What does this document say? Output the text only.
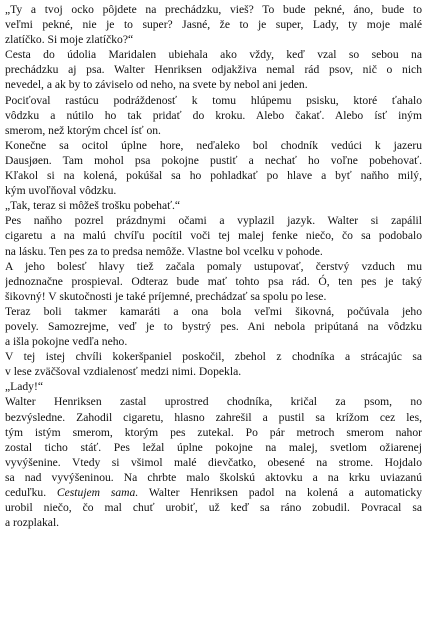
„Ty a tvoj ocko pôjdete na prechádzku, vieš? To bude pekné, áno, bude to
veľmi pekné, nie je to super? Jasné, že to je super, Lady, ty moje malé
zlatíčko. Si moje zlatíčko?“
Cesta do údolia Maridalen ubiehala ako vždy, keď vzal so sebou na
prechádzku aj psa. Walter Henriksen odjakživa nemal rád psov, nič o nich
nevedel, a ak by to záviselo od neho, na svete by nebol ani jeden.
Pociťoval rastúcu podráždenosť k tomu hlúpemu psisku, ktoré ťahalo
vôdzku a nútilo ho tak pridať do kroku. Alebo čakať. Alebo ísť iným
smerom, než ktorým chcel ísť on.
Konečne sa ocitol úplne hore, neďaleko bol chodník vedúci k jazeru
Dausjøen. Tam mohol psa pokojne pustiť a nechať ho voľne pobehovať.
Kľakol si na kolená, pokúšal sa ho pohladkať po hlave a byť naňho milý,
kým uvoľňoval vôdzku.
„Tak, teraz si môžeš trošku pobehať.“
Pes naňho pozrel prázdnymi očami a vyplazil jazyk. Walter si zapálil
cigaretu a na malú chvíľu pocítil voči tej malej fenke niečo, čo sa podobalo
na lásku. Ten pes za to predsa nemôže. Vlastne bol vcelku v pohode.
A jeho bolesť hlavy tiež začala pomaly ustupovať, čerstvý vzduch mu
jednoznačne prospieval. Odteraz bude mať tohto psa rád. Ó, ten pes je taký
šikovný! V skutočnosti je také príjemné, prechádzať sa spolu po lese.
Teraz boli takmer kamaráti a ona bola veľmi šikovná, počúvala jeho
povely. Samozrejme, veď je to bystrý pes. Ani nebola pripútaná na vôdzku
a išla pokojne vedľa neho.
V tej istej chvíli kokeršpaniel poskočil, zbehol z chodníka a strácajúc sa
v lese zväčšoval vzdialenosť medzi nimi. Dopekla.
„Lady!“
Walter Henriksen zastal uprostred chodníka, kričal za psom, no
bezvýsledne. Zahodil cigaretu, hlasno zahrešil a pustil sa krížom cez les,
tým istým smerom, ktorým pes zutekal. Po pár metroch smerom nahor
zostal ticho stáť. Pes ležal úplne pokojne na malej, svetlom ožiarenej
vyvýšenine. Vtedy si všimol malé dievčatko, obesené na strome. Hojdalo
sa nad vyvýšeninou. Na chrbte malo školskú aktovku a na krku uviazanú
ceduľku. Cestujem sama. Walter Henriksen padol na kolená a automaticky
urobil niečo, čo mal chuť urobiť, už keď sa ráno zobudil. Povracal sa
a rozplakal.
